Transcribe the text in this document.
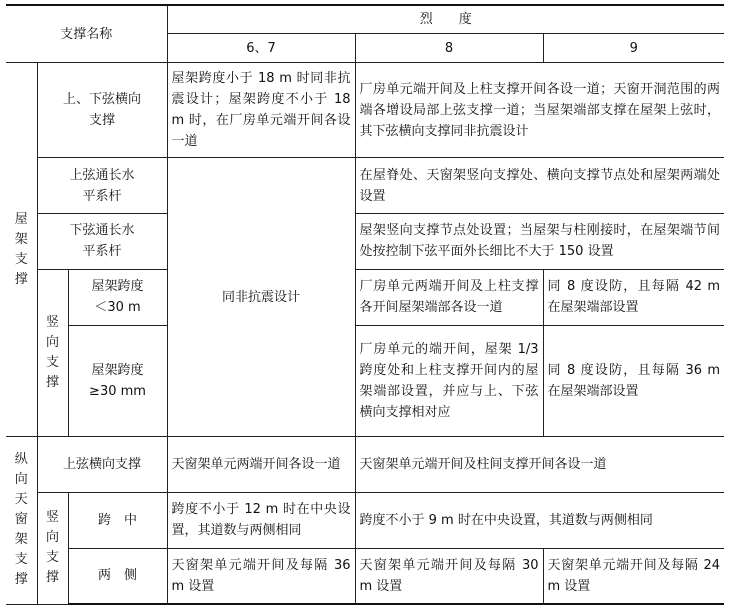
支撑名称			烈　　度		
			6、7	8	9

屋架支撑	上、下弦横向支撑		屋架跨度小于 18 m 时同非抗震设计；屋架跨度不小于 18 m 时，在厂房单元端开间各设一道	厂房单元端开间及上柱支撑开间各设一道；天窗开洞范围的两端各增设局部上弦支撑一道；当屋架端部支撑在屋架上弦时，其下弦横向支撑同非抗震设计	
	上弦通长水平系杆		同非抗震设计	在屋脊处、天窗架竖向支撑处、横向支撑节点处和屋架两端处设置	
	下弦通长水平系杆			屋架竖向支撑节点处设置；当屋架与柱刚接时，在屋架端节间处按控制下弦平面外长细比不大于 150 设置	

	竖向支撑	屋架跨度＜30 m		厂房单元两端开间及上柱支撑各开间屋架端部各设一道	同 8 度设防，且每隔 42 m 在屋架端部设置
		屋架跨度≥30 mm		厂房单元的端开间，屋架 1/3 跨度处和上柱支撑开间内的屋架端部设置，并应与上、下弦横向支撑相对应	同 8 度设防，且每隔 36 m 在屋架端部设置

纵向天窗架支撑	上弦横向支撑		天窗架单元两端开间各设一道	天窗架单元端开间及柱间支撑开间各设一道	

	竖向支撑	跨　中	跨度不小于 12 m 时在中央设置，其道数与两侧相同	跨度不小于 9 m 时在中央设置，其道数与两侧相同	
		两　侧	天窗架单元端开间及每隔 36 m 设置	天窗架单元端开间及每隔 30 m 设置	天窗架单元端开间及每隔 24 m 设置
